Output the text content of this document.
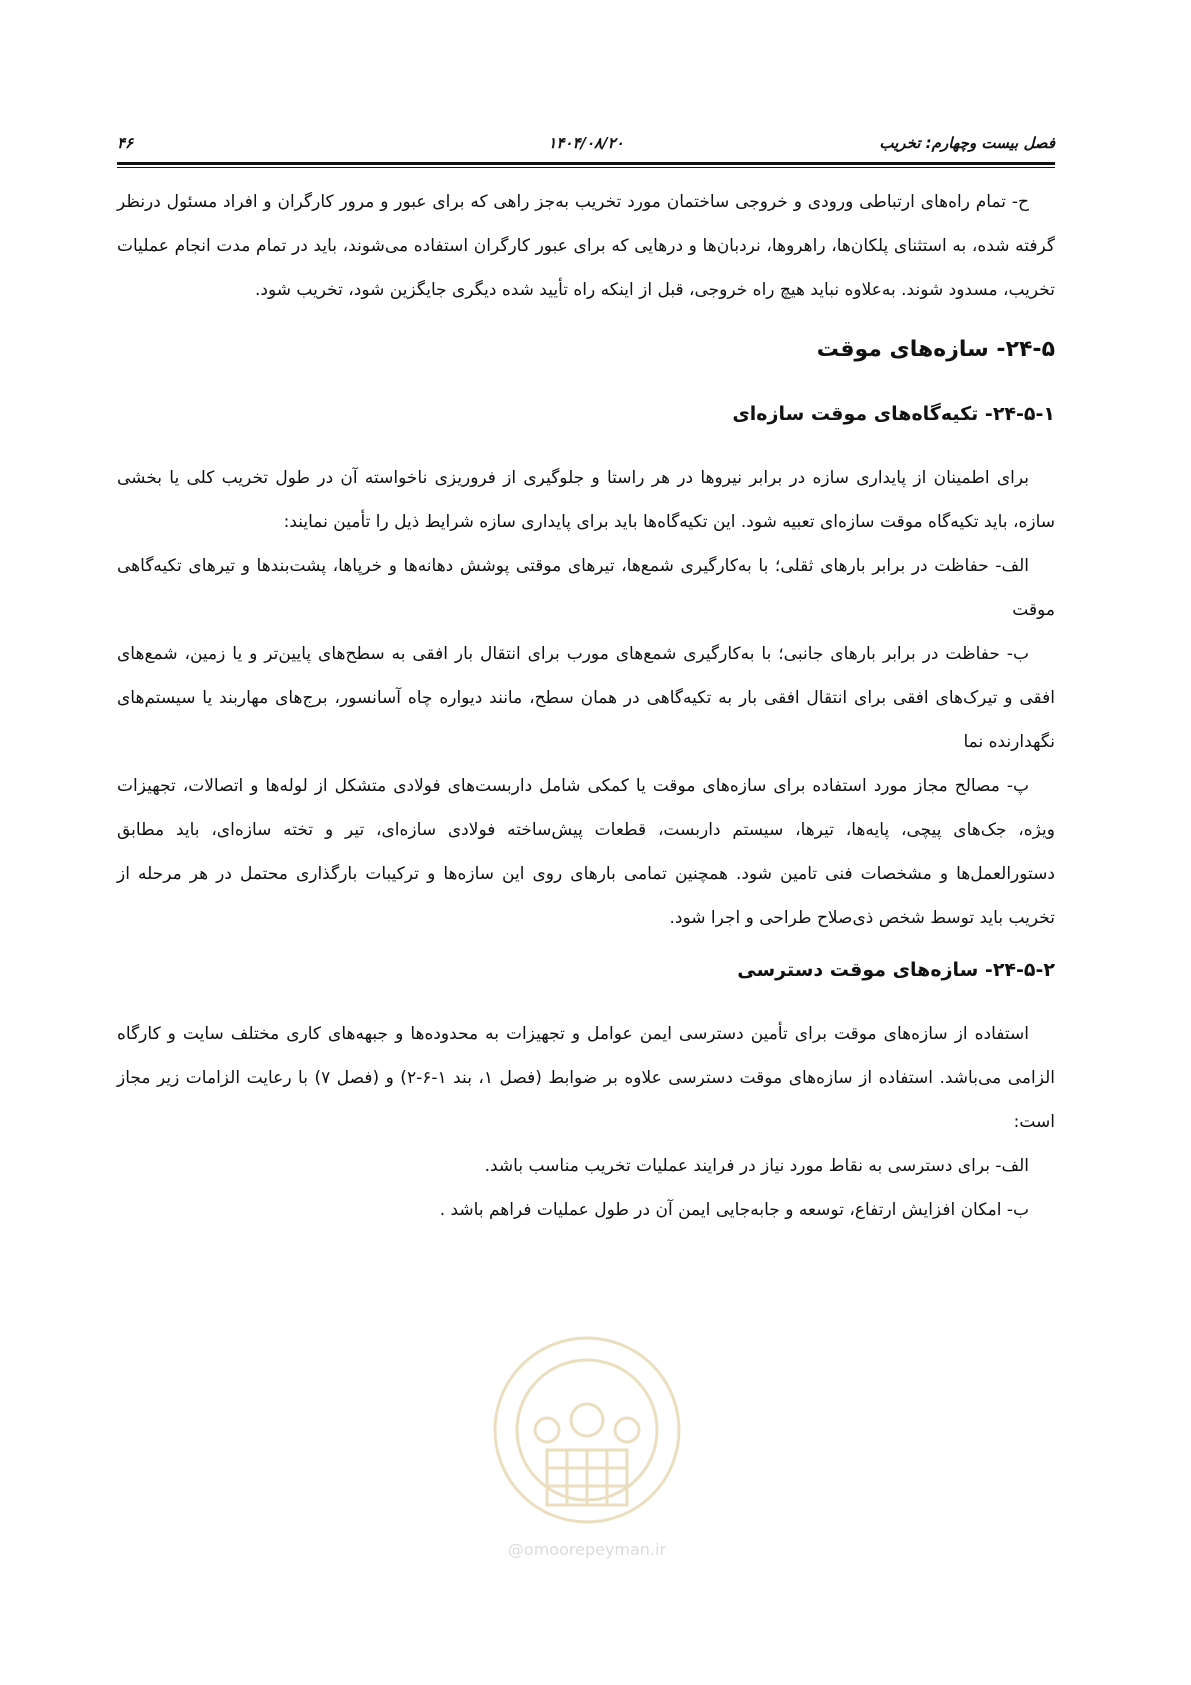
فصل بیست وچهارم: تخریب
۱۴۰۴/۰۸/۲۰
۴۶

ح- تمام راه‌های ارتباطی ورودی و خروجی ساختمان مورد تخریب به‌جز راهی که برای عبور و مرور کارگران و افراد مسئول درنظر گرفته شده، به استثنای پلکان‌ها، راهروها، نردبان‌ها و درهایی که برای عبور کارگران استفاده می‌شوند، باید در تمام مدت انجام عملیات تخریب، مسدود شوند. به‌علاوه نباید هیچ راه خروجی، قبل از اینکه راه تأیید شده دیگری جایگزین شود، تخریب شود.

۲۴-۵- سازه‌های موقت
۲۴-۵-۱- تکیه‌گاه‌های موقت سازه‌ای

برای اطمینان از پایداری سازه در برابر نیروها در هر راستا و جلوگیری از فروریزی ناخواسته آن در طول تخریب کلی یا بخشی سازه، باید تکیه‌گاه موقت سازه‌ای تعبیه شود. این تکیه‌گاه‌ها باید برای پایداری سازه شرایط ذیل را تأمین نمایند:

الف- حفاظت در برابر بارهای ثقلی؛ با به‌کارگیری شمع‌ها، تیرهای موقتی پوشش دهانه‌ها و خرپاها، پشت‌بندها و تیرهای تکیه‌گاهی موقت

ب- حفاظت در برابر بارهای جانبی؛ با به‌کارگیری شمع‌های مورب برای انتقال بار افقی به سطح‌های پایین‌تر و یا زمین، شمع‌های افقی و تیرک‌های افقی برای انتقال افقی بار به تکیه‌گاهی در همان سطح، مانند دیواره چاه آسانسور، برج‌های مهاربند یا سیستم‌های نگهدارنده نما

پ- مصالح مجاز مورد استفاده برای سازه‌های موقت یا کمکی شامل داربست‌های فولادی متشکل از لوله‌ها و اتصالات، تجهیزات ویژه، جک‌های پیچی، پایه‌ها، تیرها، سیستم داربست، قطعات پیش‌ساخته فولادی سازه‌ای، تیر و تخته سازه‌ای، باید مطابق دستورالعمل‌ها و مشخصات فنی تامین شود. همچنین تمامی بارهای روی این سازه‌ها و ترکیبات بارگذاری محتمل در هر مرحله از تخریب باید توسط شخص ذی‌صلاح طراحی و اجرا شود.

۲۴-۵-۲- سازه‌های موقت دسترسی

استفاده از سازه‌های موقت برای تأمین دسترسی ایمن عوامل و تجهیزات به محدوده‌ها و جبهه‌های کاری مختلف سایت و کارگاه الزامی می‌باشد. استفاده از سازه‌های موقت دسترسی علاوه بر ضوابط (فصل ۱، بند ۱-۶-۲) و (فصل ۷) با رعایت الزامات زیر مجاز است:

الف- برای دسترسی به نقاط مورد نیاز در فرایند عملیات تخریب مناسب باشد.

ب- امکان افزایش ارتفاع، توسعه و جابه‌جایی ایمن آن در طول عملیات فراهم باشد .

@omoorepeyman.ir
